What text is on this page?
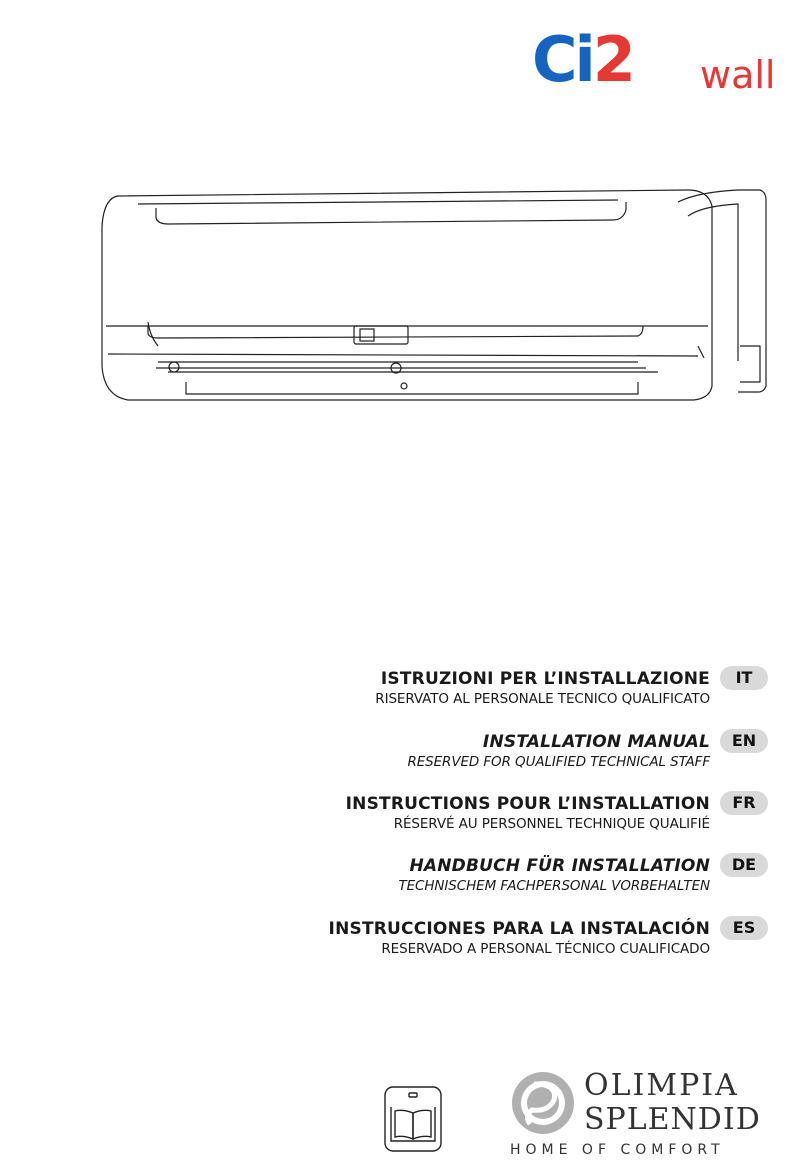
Ci2 wall
ISTRUZIONI PER L’INSTALLAZIONE
RISERVATO AL PERSONALE TECNICO QUALIFICATO
IT
INSTALLATION MANUAL
RESERVED FOR QUALIFIED TECHNICAL STAFF
EN
INSTRUCTIONS POUR L’INSTALLATION
RÉSERVÉ AU PERSONNEL TECHNIQUE QUALIFIÉ
FR
HANDBUCH FÜR INSTALLATION
TECHNISCHEM FACHPERSONAL VORBEHALTEN
DE
INSTRUCCIONES PARA LA INSTALACIÓN
RESERVADO A PERSONAL TÉCNICO CUALIFICADO
ES
OLIMPIA
SPLENDID
HOME OF COMFORT
